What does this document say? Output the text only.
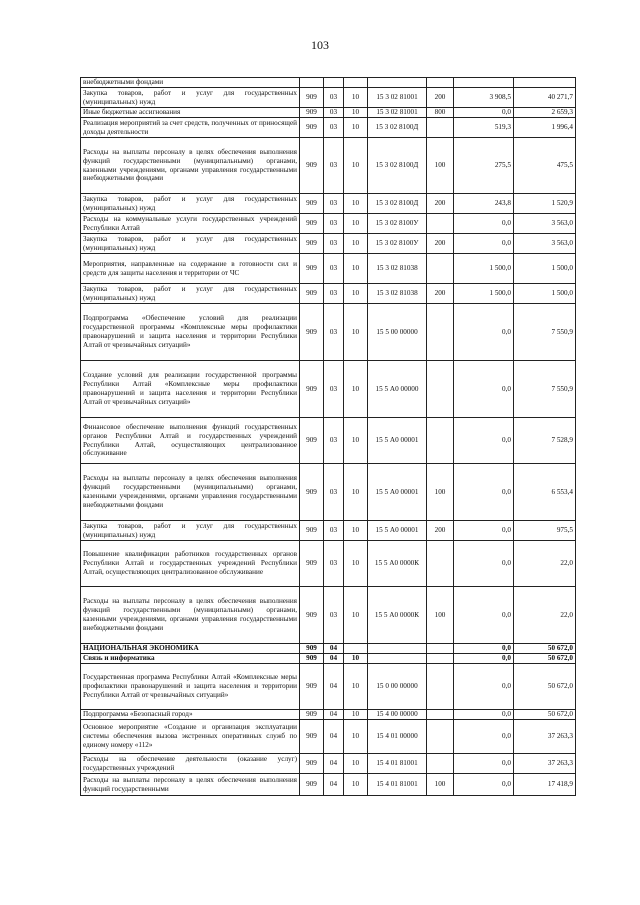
103
внебюджетными фондами							
Закупка товаров, работ и услуг для государственных (муниципальных) нужд	909	03	10	15 3 02 81001	200	3 908,5	40 271,7
Иные бюджетные ассигнования	909	03	10	15 3 02 81001	800	0,0	2 659,3
Реализация мероприятий за счет средств, полученных от приносящей доходы деятельности	909	03	10	15 3 02 8100Д		519,3	1 996,4
Расходы на выплаты персоналу в целях обеспечения выполнения функций государственными (муниципальными) органами, казенными учреждениями, органами управления государственными внебюджетными фондами	909	03	10	15 3 02 8100Д	100	275,5	475,5
Закупка товаров, работ и услуг для государственных (муниципальных) нужд	909	03	10	15 3 02 8100Д	200	243,8	1 520,9
Расходы на коммунальные услуги государственных учреждений Республики Алтай	909	03	10	15 3 02 8100У		0,0	3 563,0
Закупка товаров, работ и услуг для государственных (муниципальных) нужд	909	03	10	15 3 02 8100У	200	0,0	3 563,0
Мероприятия, направленные на содержание в готовности сил и средств для защиты населения и территории от ЧС	909	03	10	15 3 02 81038		1 500,0	1 500,0
Закупка товаров, работ и услуг для государственных (муниципальных) нужд	909	03	10	15 3 02 81038	200	1 500,0	1 500,0
Подпрограмма «Обеспечение условий для реализации государственной программы «Комплексные меры профилактики правонарушений и защита населения и территории Республики Алтай от чрезвычайных ситуаций»	909	03	10	15 5 00 00000		0,0	7 550,9
Создание условий для реализации государственной программы Республики Алтай «Комплексные меры профилактики правонарушений и защита населения и территории Республики Алтай от чрезвычайных ситуаций»	909	03	10	15 5 А0 00000		0,0	7 550,9
Финансовое обеспечение выполнения функций государственных органов Республики Алтай и государственных учреждений Республики Алтай, осуществляющих централизованное обслуживание	909	03	10	15 5 А0 00001		0,0	7 528,9
Расходы на выплаты персоналу в целях обеспечения выполнения функций государственными (муниципальными) органами, казенными учреждениями, органами управления государственными внебюджетными фондами	909	03	10	15 5 А0 00001	100	0,0	6 553,4
Закупка товаров, работ и услуг для государственных (муниципальных) нужд	909	03	10	15 5 А0 00001	200	0,0	975,5
Повышение квалификации работников государственных органов Республики Алтай и государственных учреждений Республики Алтай, осуществляющих централизованное обслуживание	909	03	10	15 5 А0 0000К		0,0	22,0
Расходы на выплаты персоналу в целях обеспечения выполнения функций государственными (муниципальными) органами, казенными учреждениями, органами управления государственными внебюджетными фондами	909	03	10	15 5 А0 0000К	100	0,0	22,0
НАЦИОНАЛЬНАЯ ЭКОНОМИКА	909	04				0,0	50 672,0
Связь и информатика	909	04	10			0,0	50 672,0
Государственная программа Республики Алтай «Комплексные меры профилактики правонарушений и защита населения и территории Республики Алтай от чрезвычайных ситуаций»	909	04	10	15 0 00 00000		0,0	50 672,0
Подпрограмма «Безопасный город»	909	04	10	15 4 00 00000		0,0	50 672,0
Основное мероприятие «Создание и организация эксплуатации системы обеспечения вызова экстренных оперативных служб по единому номеру «112»	909	04	10	15 4 01 00000		0,0	37 263,3
Расходы на обеспечение деятельности (оказание услуг) государственных учреждений	909	04	10	15 4 01 81001		0,0	37 263,3
Расходы на выплаты персоналу в целях обеспечения выполнения функций государственными	909	04	10	15 4 01 81001	100	0,0	17 418,9
